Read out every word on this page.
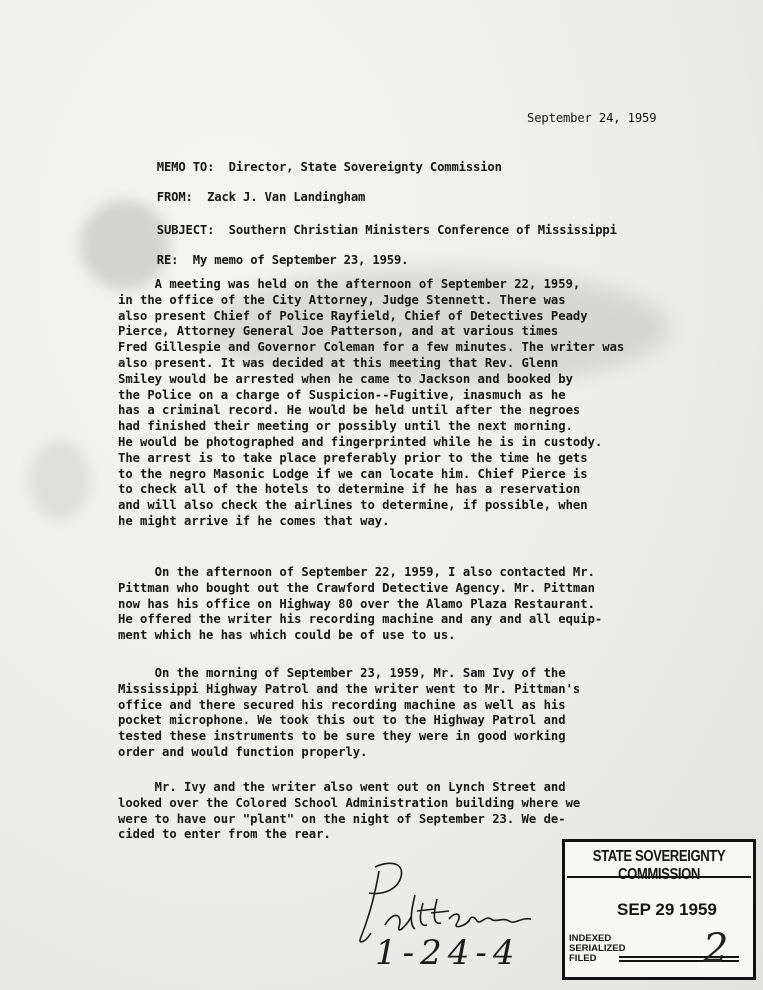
September 24, 1959

MEMO TO: Director, State Sovereignty Commission

FROM: Zack J. Van Landingham

SUBJECT: Southern Christian Ministers Conference of Mississippi

RE: My memo of September 23, 1959.

A meeting was held on the afternoon of September 22, 1959,
in the office of the City Attorney, Judge Stennett. There was
also present Chief of Police Rayfield, Chief of Detectives Peady
Pierce, Attorney General Joe Patterson, and at various times
Fred Gillespie and Governor Coleman for a few minutes. The writer was
also present. It was decided at this meeting that Rev. Glenn
Smiley would be arrested when he came to Jackson and booked by
the Police on a charge of Suspicion--Fugitive, inasmuch as he
has a criminal record. He would be held until after the negroes
had finished their meeting or possibly until the next morning.
He would be photographed and fingerprinted while he is in custody.
The arrest is to take place preferably prior to the time he gets
to the negro Masonic Lodge if we can locate him. Chief Pierce is
to check all of the hotels to determine if he has a reservation
and will also check the airlines to determine, if possible, when
he might arrive if he comes that way.
On the afternoon of September 22, 1959, I also contacted Mr.
Pittman who bought out the Crawford Detective Agency. Mr. Pittman
now has his office on Highway 80 over the Alamo Plaza Restaurant.
He offered the writer his recording machine and any and all equip-
ment which he has which could be of use to us.
On the morning of September 23, 1959, Mr. Sam Ivy of the
Mississippi Highway Patrol and the writer went to Mr. Pittman's
office and there secured his recording machine as well as his
pocket microphone. We took this out to the Highway Patrol and
tested these instruments to be sure they were in good working
order and would function properly.
Mr. Ivy and the writer also went out on Lynch Street and
looked over the Colored School Administration building where we
were to have our "plant" on the night of September 23. We de-
cided to enter from the rear.
1-24-4
STATE SOVEREIGNTY COMMISSION
SEP 29 1959
INDEXED
SERIALIZED
FILED	2
